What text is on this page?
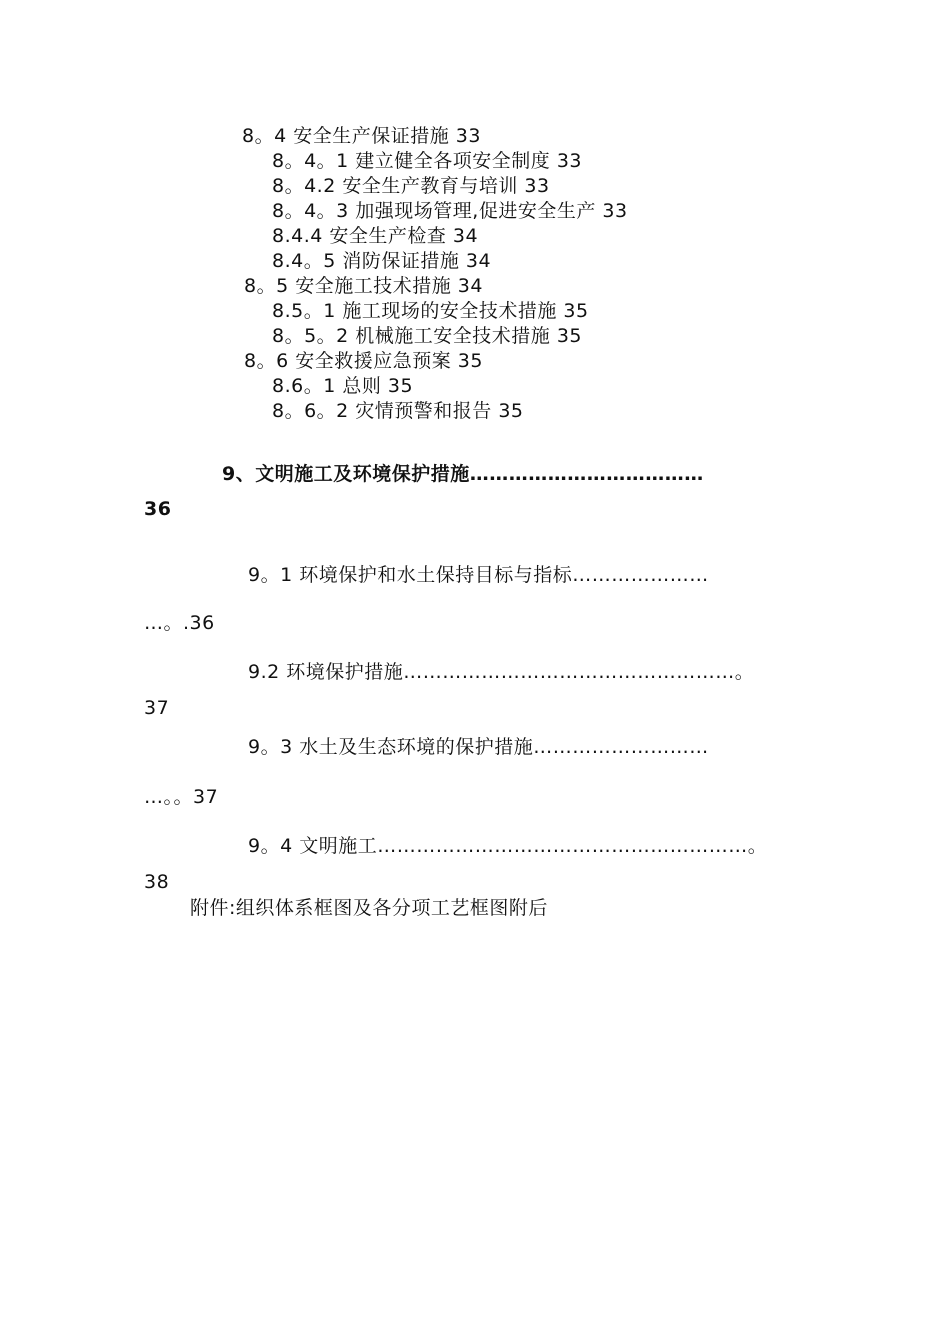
8。4 安全生产保证措施 33
8。4。1 建立健全各项安全制度 33
8。4.2 安全生产教育与培训 33
8。4。3 加强现场管理,促进安全生产 33
8.4.4 安全生产检查 34
8.4。5 消防保证措施 34
8。5 安全施工技术措施 34
8.5。1 施工现场的安全技术措施 35
8。5。2 机械施工安全技术措施 35
8。6 安全救援应急预案 35
8.6。1 总则 35
8。6。2 灾情预警和报告 35
9、文明施工及环境保护措施………………………………
36
9。1 环境保护和水土保持目标与指标…………………
…。.36
9.2 环境保护措施……………………………………………。
37
9。3 水土及生态环境的保护措施………………………
…。。37
9。4 文明施工…………………………………………………。
38
附件:组织体系框图及各分项工艺框图附后
